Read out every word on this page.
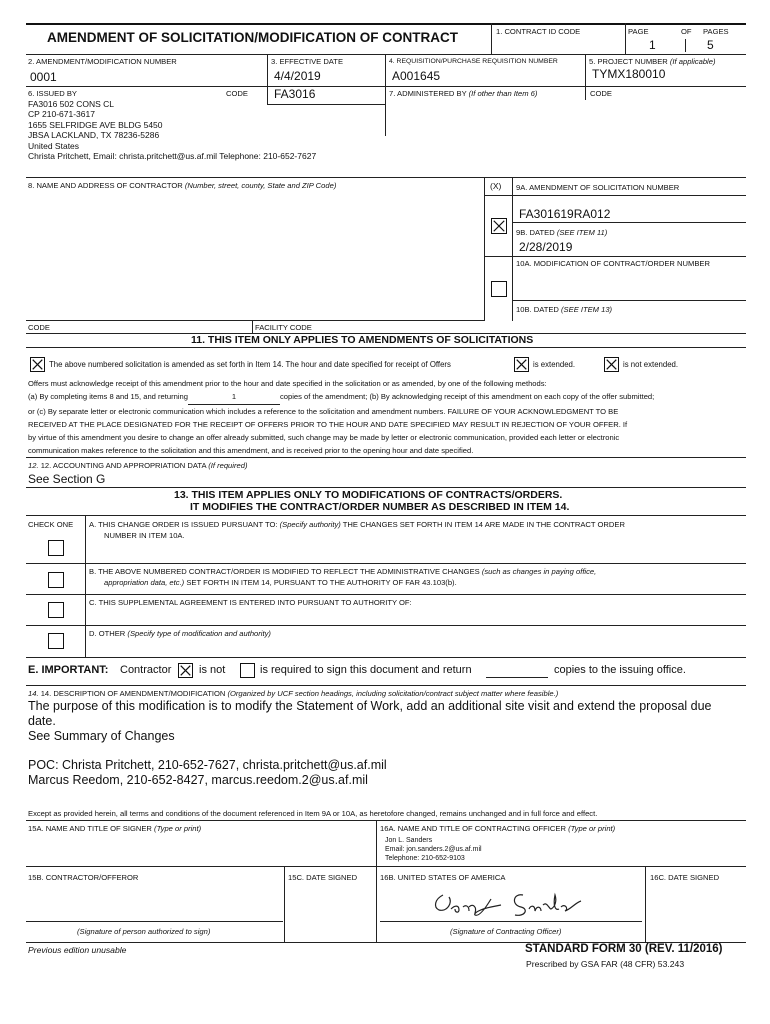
AMENDMENT OF SOLICITATION/MODIFICATION OF CONTRACT	1. CONTRACT ID CODE	PAGE	OF PAGES
1	5
2. AMENDMENT/MODIFICATION NUMBER
0001
3. EFFECTIVE DATE
4/4/2019
4. REQUISITION/PURCHASE REQUISITION NUMBER
A001645
5. PROJECT NUMBER (If applicable)
TYMX180010
6. ISSUED BY	CODE FA3016	7. ADMINISTERED BY (If other than Item 6)	CODE
FA3016 502 CONS CL
CP 210-671-3617
1655 SELFRIDGE AVE BLDG 5450
JBSA LACKLAND, TX 78236-5286
United States
Christa Pritchett, Email: christa.pritchett@us.af.mil Telephone: 210-652-7627
8. NAME AND ADDRESS OF CONTRACTOR (Number, street, county, State and ZIP Code)	(X) 9A. AMENDMENT OF SOLICITATION NUMBER
FA301619RA012
9B. DATED (SEE ITEM 11)
2/28/2019
10A. MODIFICATION OF CONTRACT/ORDER NUMBER
10B. DATED (SEE ITEM 13)
CODE	FACILITY CODE
11. THIS ITEM ONLY APPLIES TO AMENDMENTS OF SOLICITATIONS
The above numbered solicitation is amended as set forth in Item 14. The hour and date specified for receipt of Offers	is extended.	is not extended.
Offers must acknowledge receipt of this amendment prior to the hour and date specified in the solicitation or as amended, by one of the following methods:
(a) By completing items 8 and 15, and returning	1	copies of the amendment; (b) By acknowledging receipt of this amendment on each copy of the offer submitted;
or (c) By separate letter or electronic communication which includes a reference to the solicitation and amendment numbers. FAILURE OF YOUR ACKNOWLEDGMENT TO BE
RECEIVED AT THE PLACE DESIGNATED FOR THE RECEIPT OF OFFERS PRIOR TO THE HOUR AND DATE SPECIFIED MAY RESULT IN REJECTION OF YOUR OFFER. If
by virtue of this amendment you desire to change an offer already submitted, such change may be made by letter or electronic communication, provided each letter or electronic
communication makes reference to the solicitation and this amendment, and is received prior to the opening hour and date specified.
12. 12. ACCOUNTING AND APPROPRIATION DATA (If required)
See Section G
13. THIS ITEM APPLIES ONLY TO MODIFICATIONS OF CONTRACTS/ORDERS.
IT MODIFIES THE CONTRACT/ORDER NUMBER AS DESCRIBED IN ITEM 14.
CHECK ONE A. THIS CHANGE ORDER IS ISSUED PURSUANT TO: (Specify authority) THE CHANGES SET FORTH IN ITEM 14 ARE MADE IN THE CONTRACT ORDER
NUMBER IN ITEM 10A.
B. THE ABOVE NUMBERED CONTRACT/ORDER IS MODIFIED TO REFLECT THE ADMINISTRATIVE CHANGES (such as changes in paying office,
appropriation data, etc.) SET FORTH IN ITEM 14, PURSUANT TO THE AUTHORITY OF FAR 43.103(b).
C. THIS SUPPLEMENTAL AGREEMENT IS ENTERED INTO PURSUANT TO AUTHORITY OF:
D. OTHER (Specify type of modification and authority)
E. IMPORTANT: Contractor	is not	is required to sign this document and return	copies to the issuing office.
14. 14. DESCRIPTION OF AMENDMENT/MODIFICATION (Organized by UCF section headings, including solicitation/contract subject matter where feasible.)
The purpose of this modification is to modify the Statement of Work, add an additional site visit and extend the proposal due
date.
See Summary of Changes
POC: Christa Pritchett, 210-652-7627, christa.pritchett@us.af.mil
Marcus Reedom, 210-652-8427, marcus.reedom.2@us.af.mil
Except as provided herein, all terms and conditions of the document referenced in Item 9A or 10A, as heretofore changed, remains unchanged and in full force and effect.
15A. NAME AND TITLE OF SIGNER (Type or print)	16A. NAME AND TITLE OF CONTRACTING OFFICER (Type or print)
Jon L. Sanders
Email: jon.sanders.2@us.af.mil
Telephone: 210-652-9103
15B. CONTRACTOR/OFFEROR	15C. DATE SIGNED	16B. UNITED STATES OF AMERICA	16C. DATE SIGNED
(Signature of person authorized to sign)	(Signature of Contracting Officer)
Previous edition unusable	STANDARD FORM 30 (REV. 11/2016)
Prescribed by GSA FAR (48 CFR) 53.243
